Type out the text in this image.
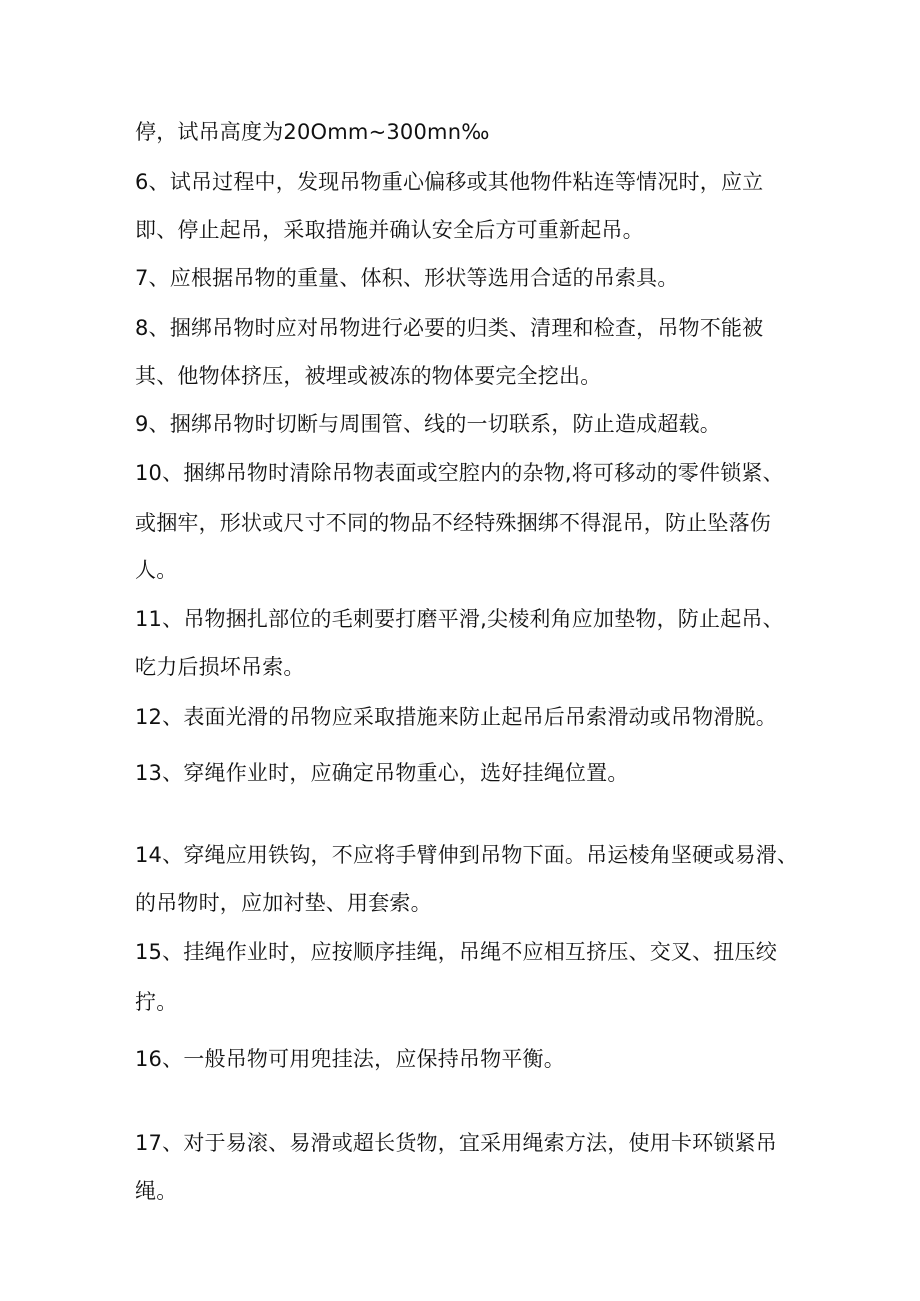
停，试吊高度为20Omm~300mn‰
6、试吊过程中，发现吊物重心偏移或其他物件粘连等情况时，应立
即、停止起吊，采取措施并确认安全后方可重新起吊。
7、应根据吊物的重量、体积、形状等选用合适的吊索具。
8、捆绑吊物时应对吊物进行必要的归类、清理和检查，吊物不能被
其、他物体挤压，被埋或被冻的物体要完全挖出。
9、捆绑吊物时切断与周围管、线的一切联系，防止造成超载。
10、捆绑吊物时清除吊物表面或空腔内的杂物,将可移动的零件锁紧、
或捆牢，形状或尺寸不同的物品不经特殊捆绑不得混吊，防止坠落伤
人。
11、吊物捆扎部位的毛刺要打磨平滑,尖棱利角应加垫物，防止起吊、
吃力后损坏吊索。
12、表面光滑的吊物应采取措施来防止起吊后吊索滑动或吊物滑脱。
13、穿绳作业时，应确定吊物重心，选好挂绳位置。
14、穿绳应用铁钩，不应将手臂伸到吊物下面。吊运棱角坚硬或易滑、
的吊物时，应加衬垫、用套索。
15、挂绳作业时，应按顺序挂绳，吊绳不应相互挤压、交叉、扭压绞
拧。
16、一般吊物可用兜挂法，应保持吊物平衡。
17、对于易滚、易滑或超长货物，宜采用绳索方法，使用卡环锁紧吊
绳。
